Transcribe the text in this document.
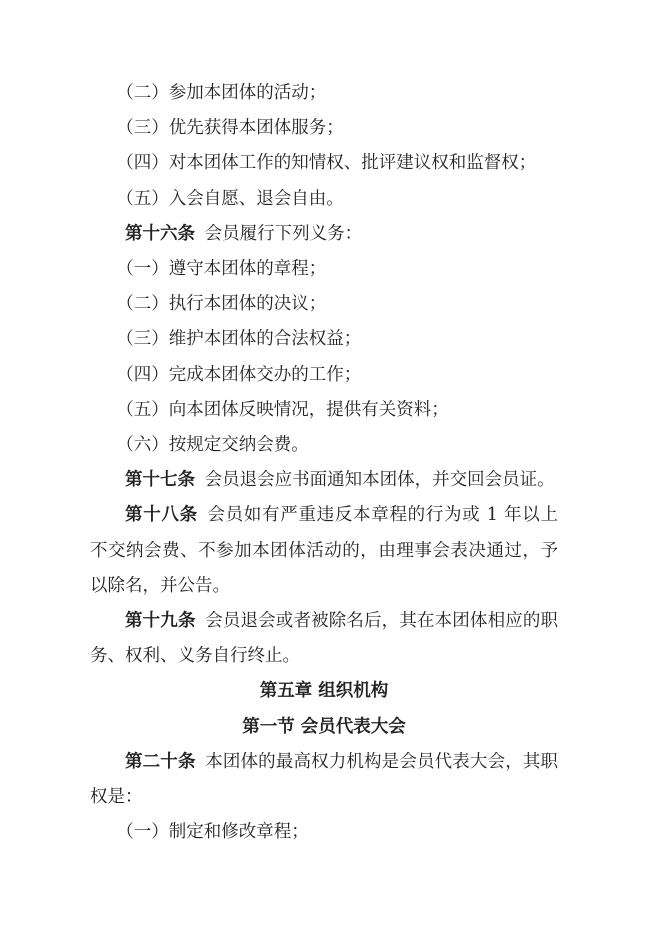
（二）参加本团体的活动；

（三）优先获得本团体服务；

（四）对本团体工作的知情权、批评建议权和监督权；

（五）入会自愿、退会自由。

第十六条 会员履行下列义务：

（一）遵守本团体的章程；

（二）执行本团体的决议；

（三）维护本团体的合法权益；

（四）完成本团体交办的工作；

（五）向本团体反映情况，提供有关资料；

（六）按规定交纳会费。

第十七条 会员退会应书面通知本团体，并交回会员证。

第十八条 会员如有严重违反本章程的行为或 1 年以上不交纳会费、不参加本团体活动的，由理事会表决通过，予以除名，并公告。

第十九条 会员退会或者被除名后，其在本团体相应的职务、权利、义务自行终止。

第五章 组织机构

第一节 会员代表大会

第二十条 本团体的最高权力机构是会员代表大会，其职权是：

（一）制定和修改章程；
